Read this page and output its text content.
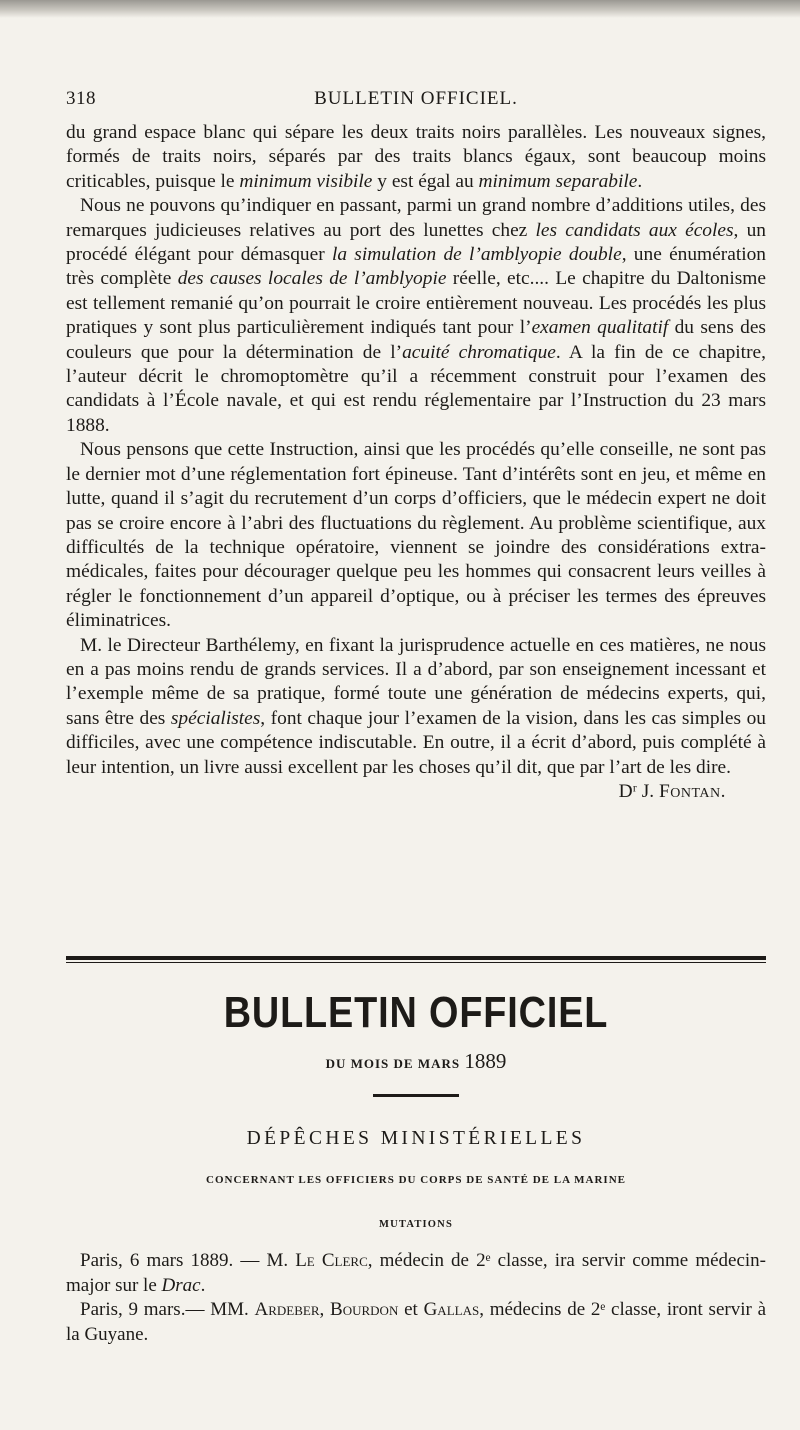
BULLETIN OFFICIEL.
318

du grand espace blanc qui sépare les deux traits noirs parallèles. Les nouveaux signes, formés de traits noirs, séparés par des traits blancs égaux, sont beaucoup moins criticables, puisque le minimum visibile y est égal au minimum separabile.

Nous ne pouvons qu’indiquer en passant, parmi un grand nombre d’additions utiles, des remarques judicieuses relatives au port des lunettes chez les candidats aux écoles, un procédé élégant pour démasquer la simulation de l’amblyopie double, une énumération très complète des causes locales de l’amblyopie réelle, etc.... Le chapitre du Daltonisme est tellement remanié qu’on pourrait le croire entièrement nouveau. Les procédés les plus pratiques y sont plus particulièrement indiqués tant pour l’examen qualitatif du sens des couleurs que pour la détermination de l’acuité chromatique. A la fin de ce chapitre, l’auteur décrit le chromoptomètre qu’il a récemment construit pour l’examen des candidats à l’École navale, et qui est rendu réglementaire par l’Instruction du 23 mars 1888.

Nous pensons que cette Instruction, ainsi que les procédés qu’elle conseille, ne sont pas le dernier mot d’une réglementation fort épineuse. Tant d’intérêts sont en jeu, et même en lutte, quand il s’agit du recrutement d’un corps d’officiers, que le médecin expert ne doit pas se croire encore à l’abri des fluctuations du règlement. Au problème scientifique, aux difficultés de la technique opératoire, viennent se joindre des considérations extra-médicales, faites pour décourager quelque peu les hommes qui consacrent leurs veilles à régler le fonctionnement d’un appareil d’optique, ou à préciser les termes des épreuves éliminatrices.

M. le Directeur Barthélemy, en fixant la jurisprudence actuelle en ces matières, ne nous en a pas moins rendu de grands services. Il a d’abord, par son enseignement incessant et l’exemple même de sa pratique, formé toute une génération de médecins experts, qui, sans être des spécialistes, font chaque jour l’examen de la vision, dans les cas simples ou difficiles, avec une compétence indiscutable. En outre, il a écrit d’abord, puis complété à leur intention, un livre aussi excellent par les choses qu’il dit, que par l’art de les dire.

Dʳ J. Fontan.

BULLETIN OFFICIEL
DU MOIS DE MARS 1889
DÉPÊCHES MINISTÉRIELLES
CONCERNANT LES OFFICIERS DU CORPS DE SANTÉ DE LA MARINE
MUTATIONS

Paris, 6 mars 1889. — M. Le Clerc, médecin de 2ᵉ classe, ira servir comme médecin-major sur le Drac.

Paris, 9 mars.— MM. Ardeber, Bourdon et Gallas, médecins de 2ᵉ classe, iront servir à la Guyane.
